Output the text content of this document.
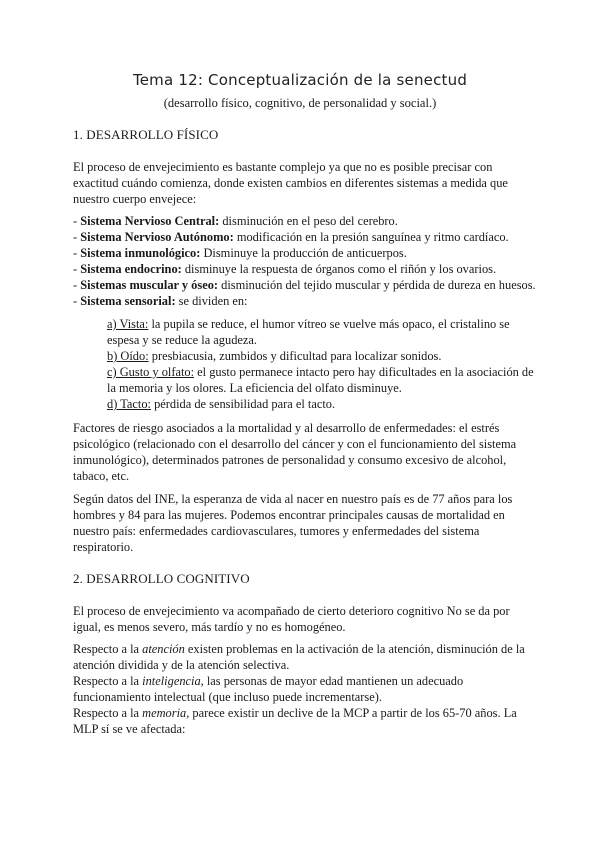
Tema 12: Conceptualización de la senectud
(desarrollo físico, cognitivo, de personalidad y social.)
1. DESARROLLO FÍSICO
El proceso de envejecimiento es bastante complejo ya que no es posible precisar con exactitud cuándo comienza, donde existen cambios en diferentes sistemas a medida que nuestro cuerpo envejece:
- Sistema Nervioso Central: disminución en el peso del cerebro.
- Sistema Nervioso Autónomo: modificación en la presión sanguínea y ritmo cardíaco.
- Sistema inmunológico: Disminuye la producción de anticuerpos.
- Sistema endocrino: disminuye la respuesta de órganos como el riñón y los ovarios.
- Sistemas muscular y óseo: disminución del tejido muscular y pérdida de dureza en huesos.
- Sistema sensorial: se dividen en:
a) Vista: la pupila se reduce, el humor vítreo se vuelve más opaco, el cristalino se espesa y se reduce la agudeza.
b) Oído: presbiacusia, zumbidos y dificultad para localizar sonidos.
c) Gusto y olfato: el gusto permanece intacto pero hay dificultades en la asociación de la memoria y los olores. La eficiencia del olfato disminuye.
d) Tacto: pérdida de sensibilidad para el tacto.
Factores de riesgo asociados a la mortalidad y al desarrollo de enfermedades: el estrés psicológico (relacionado con el desarrollo del cáncer y con el funcionamiento del sistema inmunológico), determinados patrones de personalidad y consumo excesivo de alcohol, tabaco, etc.
Según datos del INE, la esperanza de vida al nacer en nuestro país es de 77 años para los hombres y 84 para las mujeres. Podemos encontrar principales causas de mortalidad en nuestro país: enfermedades cardiovasculares, tumores y enfermedades del sistema respiratorio.
2. DESARROLLO COGNITIVO
El proceso de envejecimiento va acompañado de cierto deterioro cognitivo No se da por igual, es menos severo, más tardío y no es homogéneo.
Respecto a la atención existen problemas en la activación de la atención, disminución de la atención dividida y de la atención selectiva.
Respecto a la inteligencia, las personas de mayor edad mantienen un adecuado funcionamiento intelectual (que incluso puede incrementarse).
Respecto a la memoria, parece existir un declive de la MCP a partir de los 65-70 años. La MLP sí se ve afectada:
